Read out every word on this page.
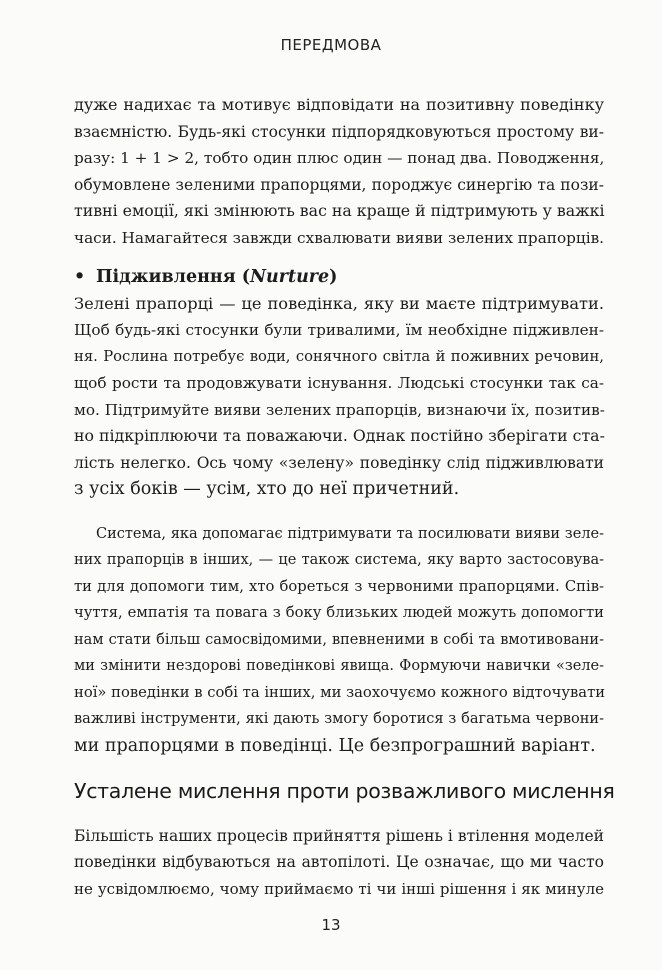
ПЕРЕДМОВА
дуже надихає та мотивує відповідати на позитивну поведінку
взаємністю. Будь-які стосунки підпорядковуються простому ви-
разу: 1 + 1 > 2, тобто один плюс один — понад два. Поводження,
обумовлене зеленими прапорцями, породжує синергію та пози-
тивні емоції, які змінюють вас на краще й підтримують у важкі
часи. Намагайтеся завжди схвалювати вияви зелених прапорців.
• Підживлення (Nurture)
Зелені прапорці — це поведінка, яку ви маєте підтримувати.
Щоб будь-які стосунки були тривалими, їм необхідне підживлен-
ня. Рослина потребує води, сонячного світла й поживних речовин,
щоб рости та продовжувати існування. Людські стосунки так са-
мо. Підтримуйте вияви зелених прапорців, визнаючи їх, позитив-
но підкріплюючи та поважаючи. Однак постійно зберігати ста-
лість нелегко. Ось чому «зелену» поведінку слід підживлювати
з усіх боків — усім, хто до неї причетний.
Система, яка допомагає підтримувати та посилювати вияви зеле-
них прапорців в інших, — це також система, яку варто застосовува-
ти для допомоги тим, хто бореться з червоними прапорцями. Спів-
чуття, емпатія та повага з боку близьких людей можуть допомогти
нам стати більш самосвідомими, впевненими в собі та вмотивовани-
ми змінити нездорові поведінкові явища. Формуючи навички «зеле-
ної» поведінки в собі та інших, ми заохочуємо кожного відточувати
важливі інструменти, які дають змогу боротися з багатьма червони-
ми прапорцями в поведінці. Це безпрограшний варіант.
Усталене мислення проти розважливого мислення
Більшість наших процесів прийняття рішень і втілення моделей
поведінки відбуваються на автопілоті. Це означає, що ми часто
не усвідомлюємо, чому приймаємо ті чи інші рішення і як минуле
13
